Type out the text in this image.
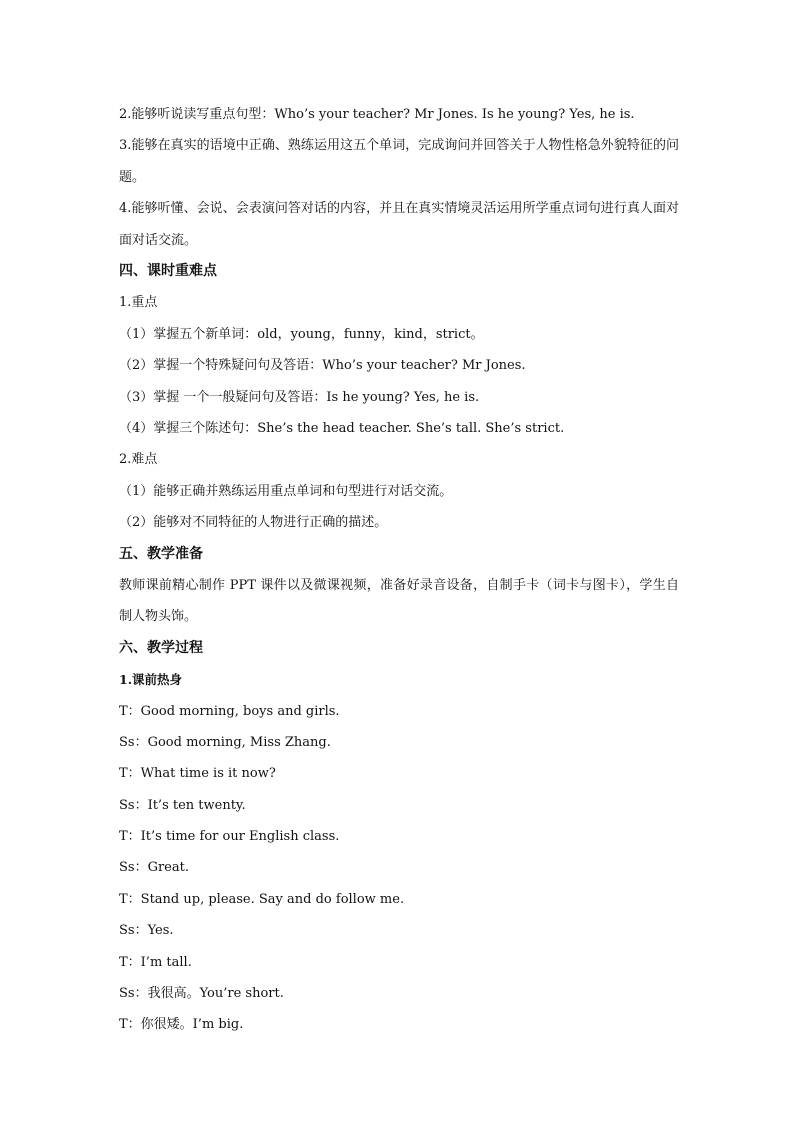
2.能够听说读写重点句型：Who’s your teacher? Mr Jones. Is he young? Yes, he is.
3.能够在真实的语境中正确、熟练运用这五个单词，完成询问并回答关于人物性格急外貌特征的问题。
4.能够听懂、会说、会表演问答对话的内容，并且在真实情境灵活运用所学重点词句进行真人面对面对话交流。
四、课时重难点
1.重点
（1）掌握五个新单词：old，young，funny，kind，strict。
（2）掌握一个特殊疑问句及答语：Who’s your teacher? Mr Jones.
（3）掌握 一个一般疑问句及答语：Is he young? Yes, he is.
（4）掌握三个陈述句：She’s the head teacher. She’s tall. She’s strict.
2.难点
（1）能够正确并熟练运用重点单词和句型进行对话交流。
（2）能够对不同特征的人物进行正确的描述。
五、教学准备
教师课前精心制作 PPT 课件以及微课视频，准备好录音设备，自制手卡（词卡与图卡），学生自制人物头饰。
六、教学过程
1.课前热身
T：Good morning, boys and girls.
Ss：Good morning, Miss Zhang.
T：What time is it now?
Ss：It’s ten twenty.
T：It’s time for our English class.
Ss：Great.
T：Stand up, please. Say and do follow me.
Ss：Yes.
T：I’m tall.
Ss：我很高。You’re short.
T：你很矮。I’m big.
